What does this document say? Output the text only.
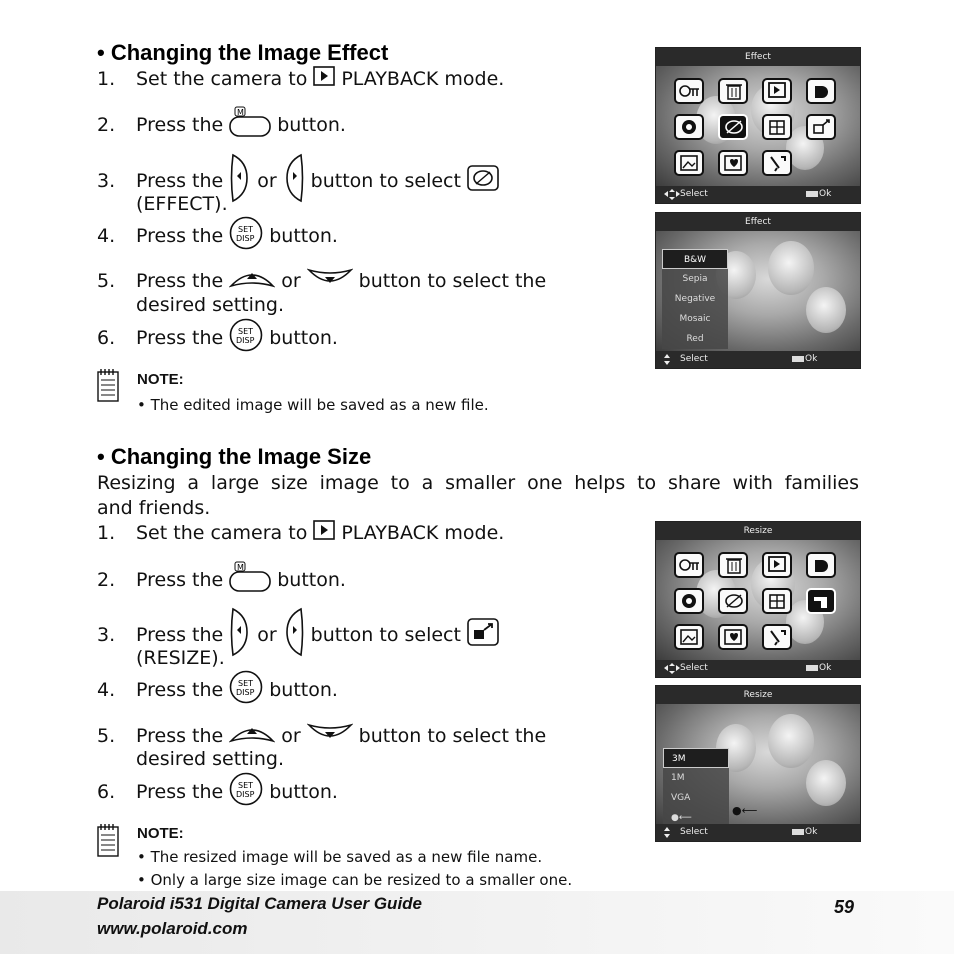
• Changing the Image Effect
1.	Set the camera to PLAYBACK mode.
2.	Press the
M
button.
3.	Press the or button to select
(EFFECT).
4.	Press the SET
DISP button.
5.	Press the	or	button to select the
desired setting.
6.	Press the SET
DISP button.
NOTE:
• The edited image will be saved as a new file.
• Changing the Image Size
Resizing a large size image to a smaller one helps to share with families
and friends.
1.	Set the camera to PLAYBACK mode.
2.	Press the
M
button.
3.	Press the or button to select
(RESIZE).
4.	Press the SET
DISP button.
5.	Press the	or	button to select the
desired setting.
6.	Press the SET
DISP button.
NOTE:
• The resized image will be saved as a new file name.
• Only a large size image can be resized to a smaller one.
Effect
Select	Ok
Effect
B&W
Sepia
Negative
Mosaic
Red
Select	Ok
Resize
Select	Ok
Resize
●⟵
3M
1M
VGA
●⟵
Select	Ok
Polaroid i531 Digital Camera User Guide
www.polaroid.com
59
